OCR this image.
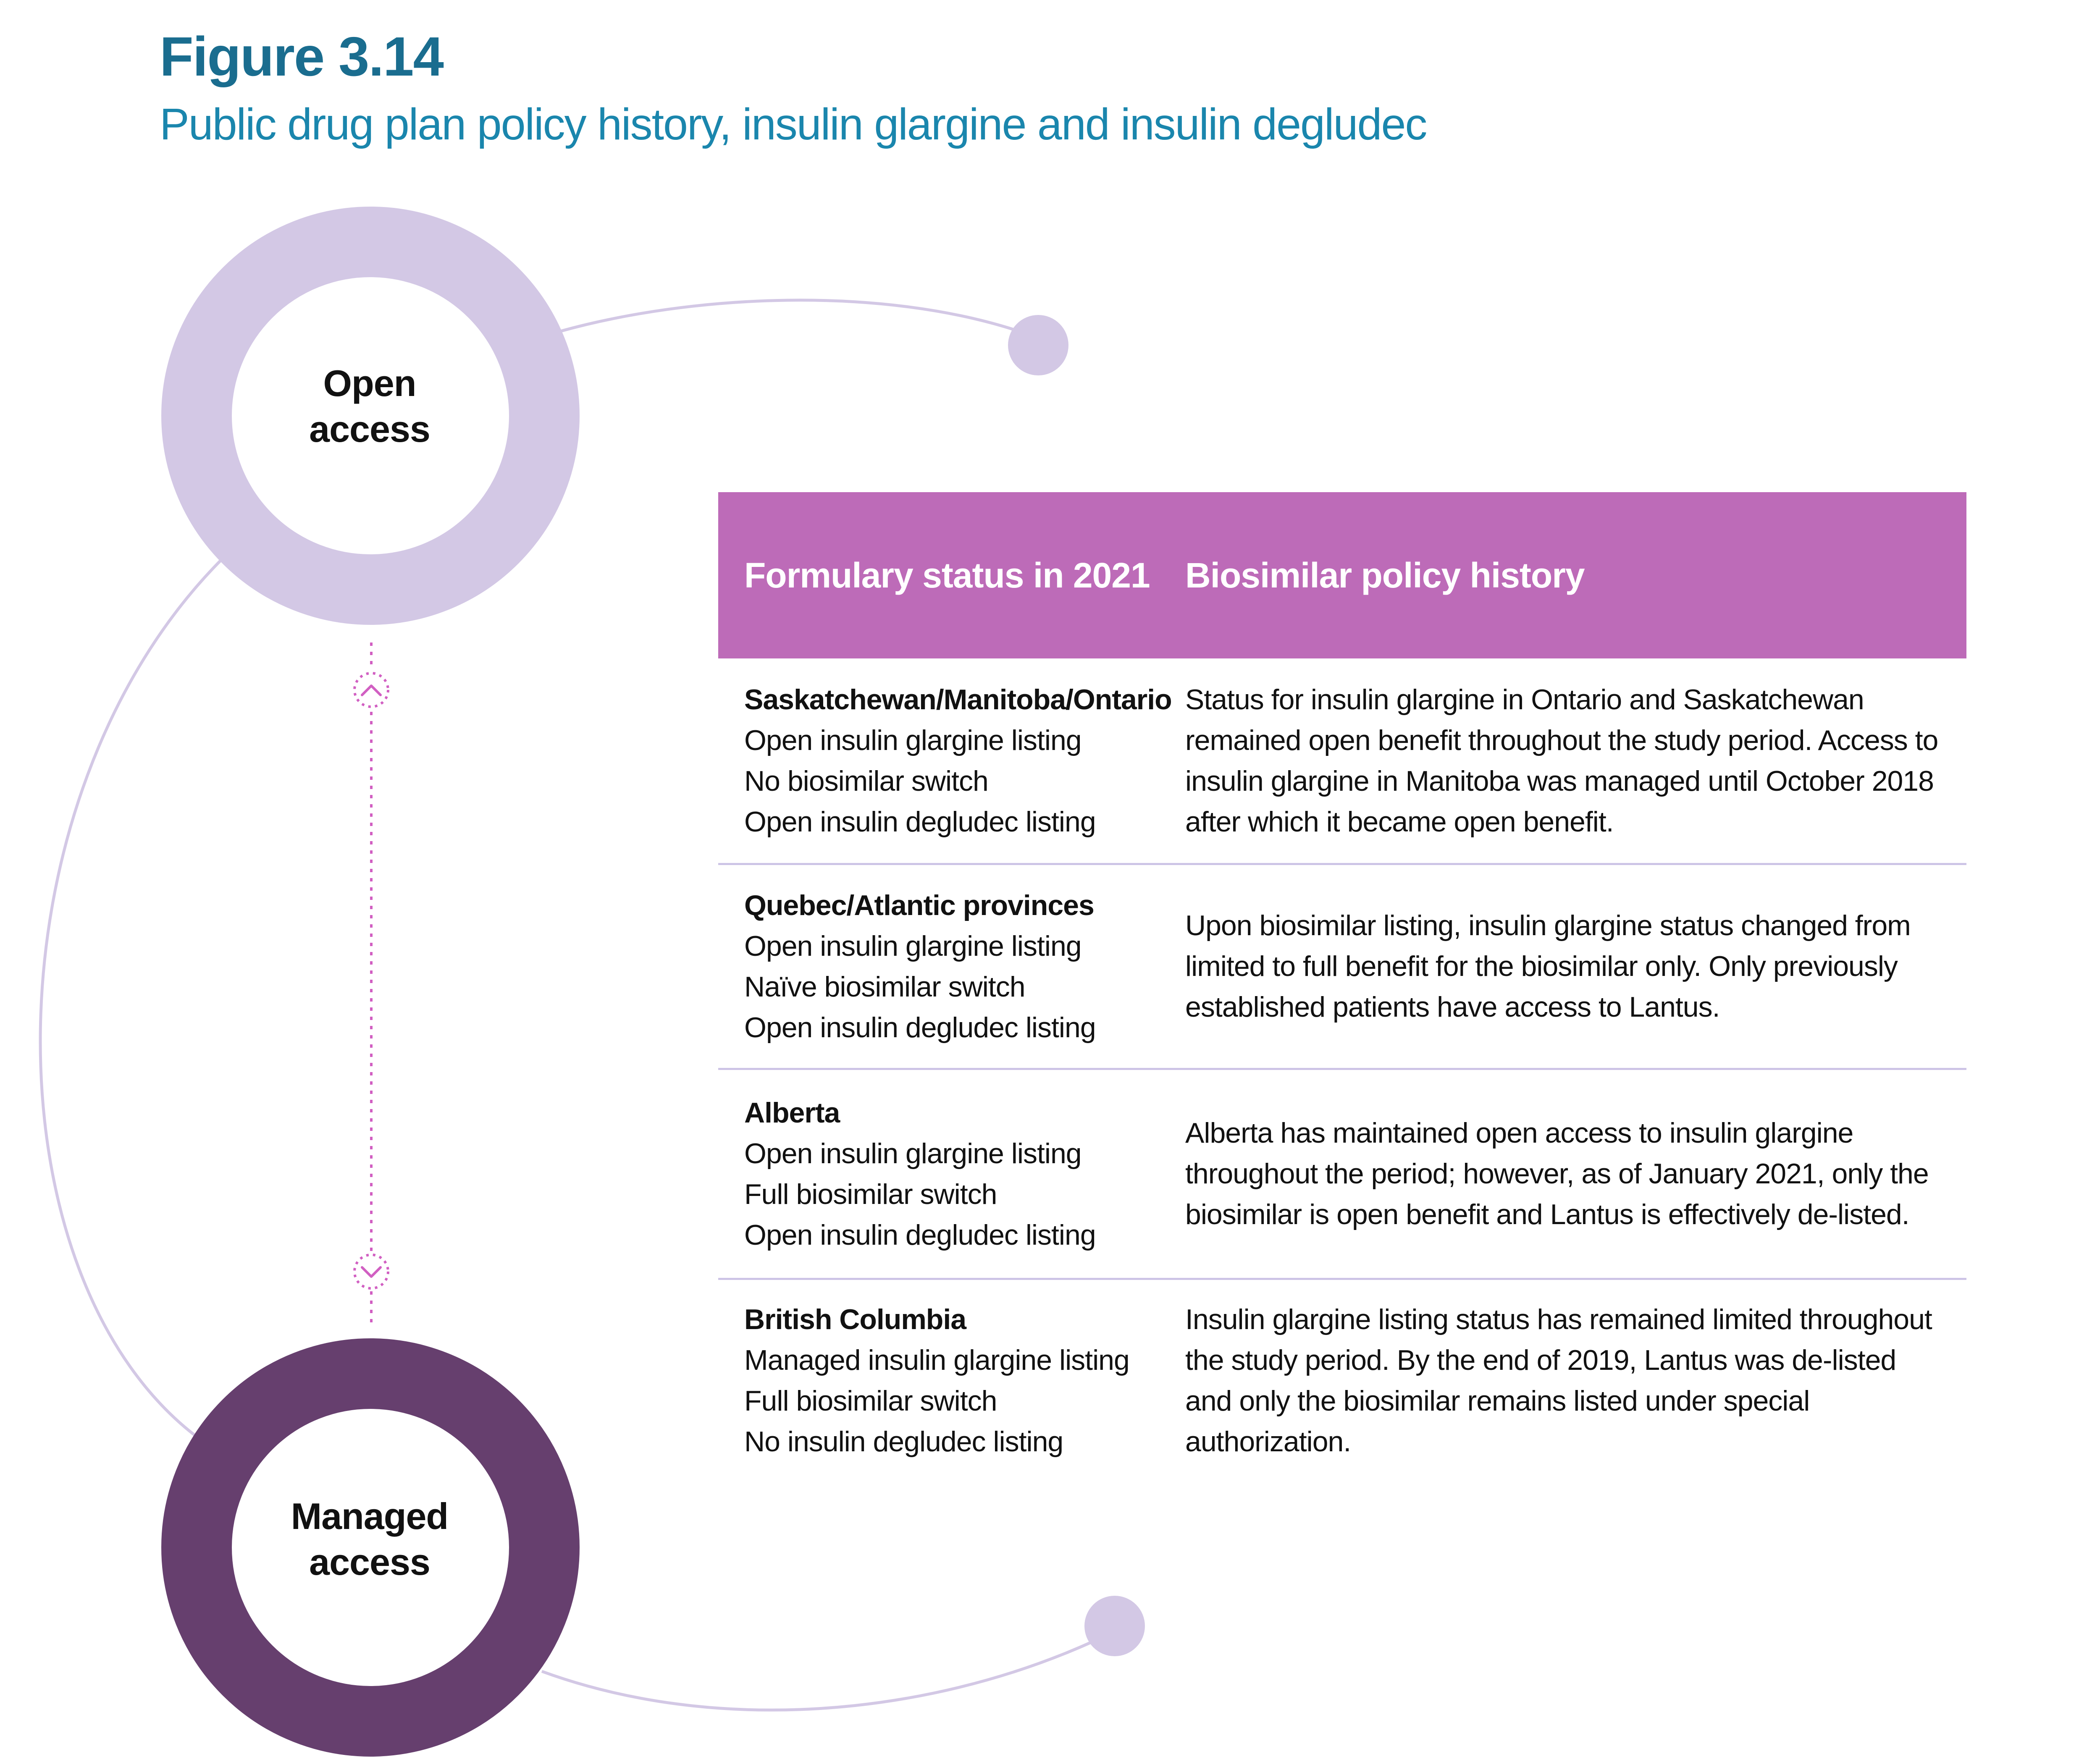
Figure 3.14
Public drug plan policy history, insulin glargine and insulin degludec
Open
access
Managed
access
Formulary status in 2021	Biosimilar policy history
Saskatchewan/Manitoba/Ontario
Open insulin glargine listing
No biosimilar switch
Open insulin degludec listing
Status for insulin glargine in Ontario and Saskatchewan remained open benefit throughout the study period. Access to insulin glargine in Manitoba was managed until October 2018 after which it became open benefit.
Quebec/Atlantic provinces
Open insulin glargine listing
Naïve biosimilar switch
Open insulin degludec listing
Upon biosimilar listing, insulin glargine status changed from limited to full benefit for the biosimilar only. Only previously established patients have access to Lantus.
Alberta
Open insulin glargine listing
Full biosimilar switch
Open insulin degludec listing
Alberta has maintained open access to insulin glargine throughout the period; however, as of January 2021, only the biosimilar is open benefit and Lantus is effectively de-listed.
British Columbia
Managed insulin glargine listing
Full biosimilar switch
No insulin degludec listing
Insulin glargine listing status has remained limited throughout the study period. By the end of 2019, Lantus was de-listed and only the biosimilar remains listed under special authorization.
